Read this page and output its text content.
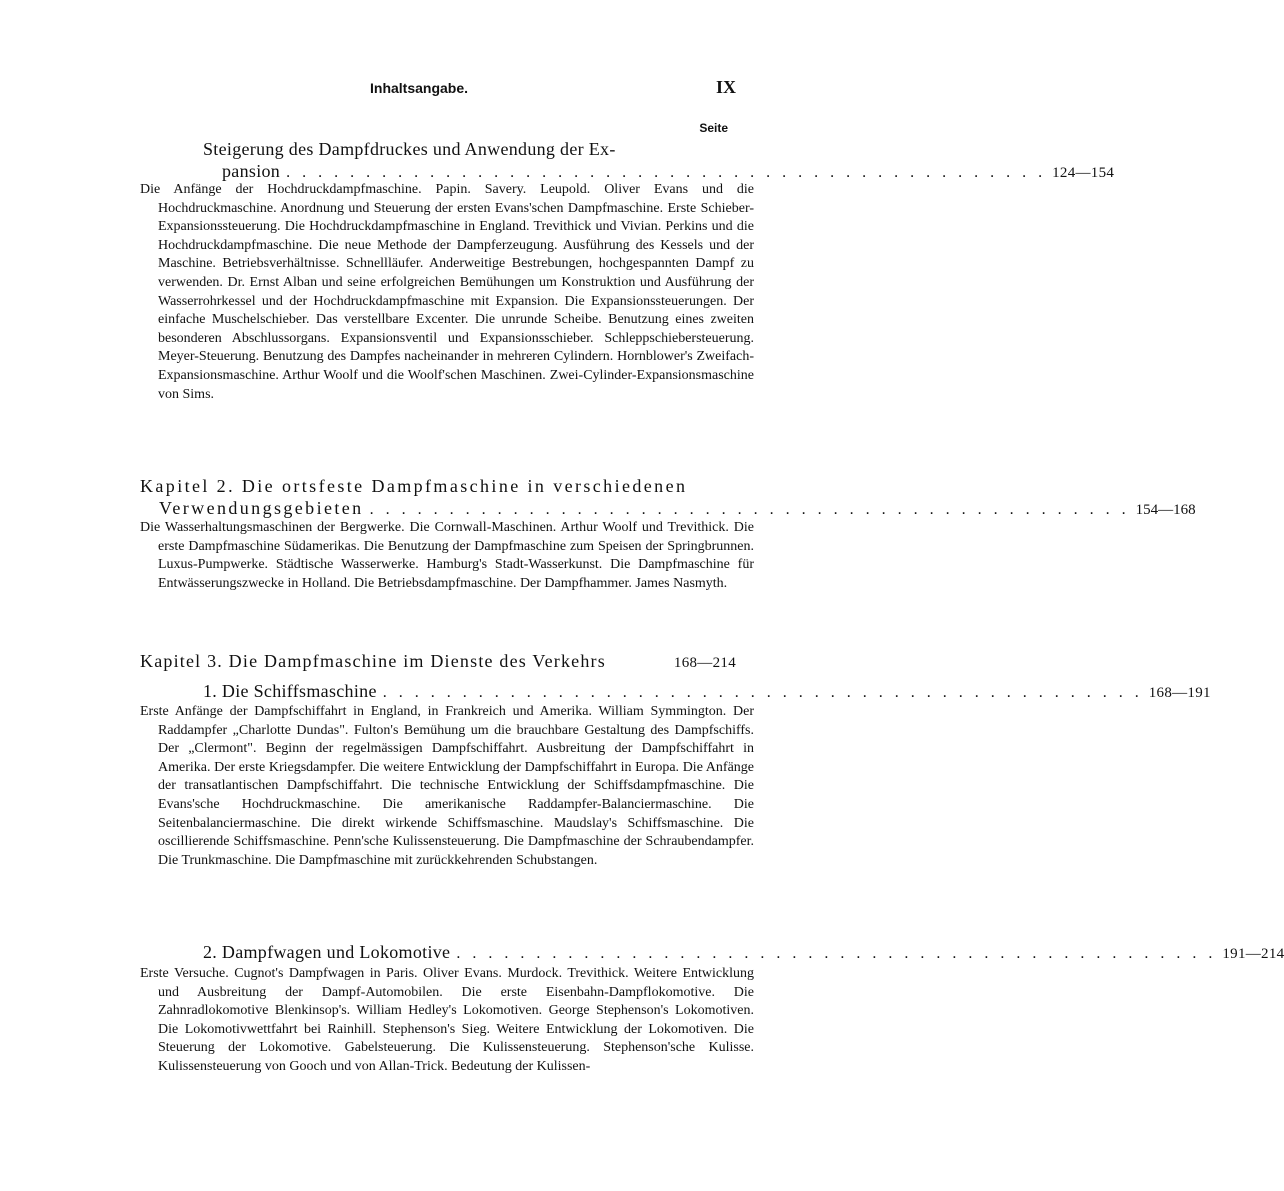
Inhaltsangabe.	IX
Seite
Steigerung des Dampfdruckes und Anwendung der Ex-
pansion . . . . . . . . . . . . . . . . . . . . . . . . . . . . . . . . . . . . . . . . . . . . . . . . 124—154
Die Anfänge der Hochdruckdampfmaschine. Papin. Savery. Leupold. Oliver Evans und die Hochdruckmaschine. Anordnung und Steuerung der ersten Evans'schen Dampfmaschine. Erste Schieber-Expansionssteuerung. Die Hochdruckdampfmaschine in England. Trevithick und Vivian. Perkins und die Hochdruckdampfmaschine. Die neue Methode der Dampferzeugung. Ausführung des Kessels und der Maschine. Betriebsverhältnisse. Schnellläufer. Anderweitige Bestrebungen, hochgespannten Dampf zu verwenden. Dr. Ernst Alban und seine erfolgreichen Bemühungen um Konstruktion und Ausführung der Wasserrohrkessel und der Hochdruckdampfmaschine mit Expansion. Die Expansionssteuerungen. Der einfache Muschelschieber. Das verstellbare Excenter. Die unrunde Scheibe. Benutzung eines zweiten besonderen Abschlussorgans. Expansionsventil und Expansionsschieber. Schleppschiebersteuerung. Meyer-Steuerung. Benutzung des Dampfes nacheinander in mehreren Cylindern. Hornblower's Zweifach-Expansionsmaschine. Arthur Woolf und die Woolf'schen Maschinen. Zwei-Cylinder-Expansionsmaschine von Sims.
Kapitel 2. Die ortsfeste Dampfmaschine in verschiedenen
Verwendungsgebieten . . . . . . . . . . . . . . . . . . . . . . . . . . . . . . . . . . . . . . . . . . . . . . . . 154—168
Die Wasserhaltungsmaschinen der Bergwerke. Die Cornwall-Maschinen. Arthur Woolf und Trevithick. Die erste Dampfmaschine Südamerikas. Die Benutzung der Dampfmaschine zum Speisen der Springbrunnen. Luxus-Pumpwerke. Städtische Wasserwerke. Hamburg's Stadt-Wasserkunst. Die Dampfmaschine für Entwässerungszwecke in Holland. Die Betriebsdampfmaschine. Der Dampfhammer. James Nasmyth.
Kapitel 3. Die Dampfmaschine im Dienste des Verkehrs	168—214
1. Die Schiffsmaschine . . . . . . . . . . . . . . . . . . . . . . . . . . . . . . . . . . . . . . . . . . . . . . . . 168—191
Erste Anfänge der Dampfschiffahrt in England, in Frankreich und Amerika. William Symmington. Der Raddampfer „Charlotte Dundas". Fulton's Bemühung um die brauchbare Gestaltung des Dampfschiffs. Der „Clermont". Beginn der regelmässigen Dampfschiffahrt. Ausbreitung der Dampfschiffahrt in Amerika. Der erste Kriegsdampfer. Die weitere Entwicklung der Dampfschiffahrt in Europa. Die Anfänge der transatlantischen Dampfschiffahrt. Die technische Entwicklung der Schiffsdampfmaschine. Die Evans'sche Hochdruckmaschine. Die amerikanische Raddampfer-Balanciermaschine. Die Seitenbalanciermaschine. Die direkt wirkende Schiffsmaschine. Maudslay's Schiffsmaschine. Die oscillierende Schiffsmaschine. Penn'sche Kulissensteuerung. Die Dampfmaschine der Schraubendampfer. Die Trunkmaschine. Die Dampfmaschine mit zurückkehrenden Schubstangen.
2. Dampfwagen und Lokomotive . . . . . . . . . . . . . . . . . . . . . . . . . . . . . . . . . . . . . . . . . . . . . . . . 191—214
Erste Versuche. Cugnot's Dampfwagen in Paris. Oliver Evans. Murdock. Trevithick. Weitere Entwicklung und Ausbreitung der Dampf-Automobilen. Die erste Eisenbahn-Dampflokomotive. Die Zahnradlokomotive Blenkinsop's. William Hedley's Lokomotiven. George Stephenson's Lokomotiven. Die Lokomotivwettfahrt bei Rainhill. Stephenson's Sieg. Weitere Entwicklung der Lokomotiven. Die Steuerung der Lokomotive. Gabelsteuerung. Die Kulissensteuerung. Stephenson'sche Kulisse. Kulissensteuerung von Gooch und von Allan-Trick. Bedeutung der Kulissen-
